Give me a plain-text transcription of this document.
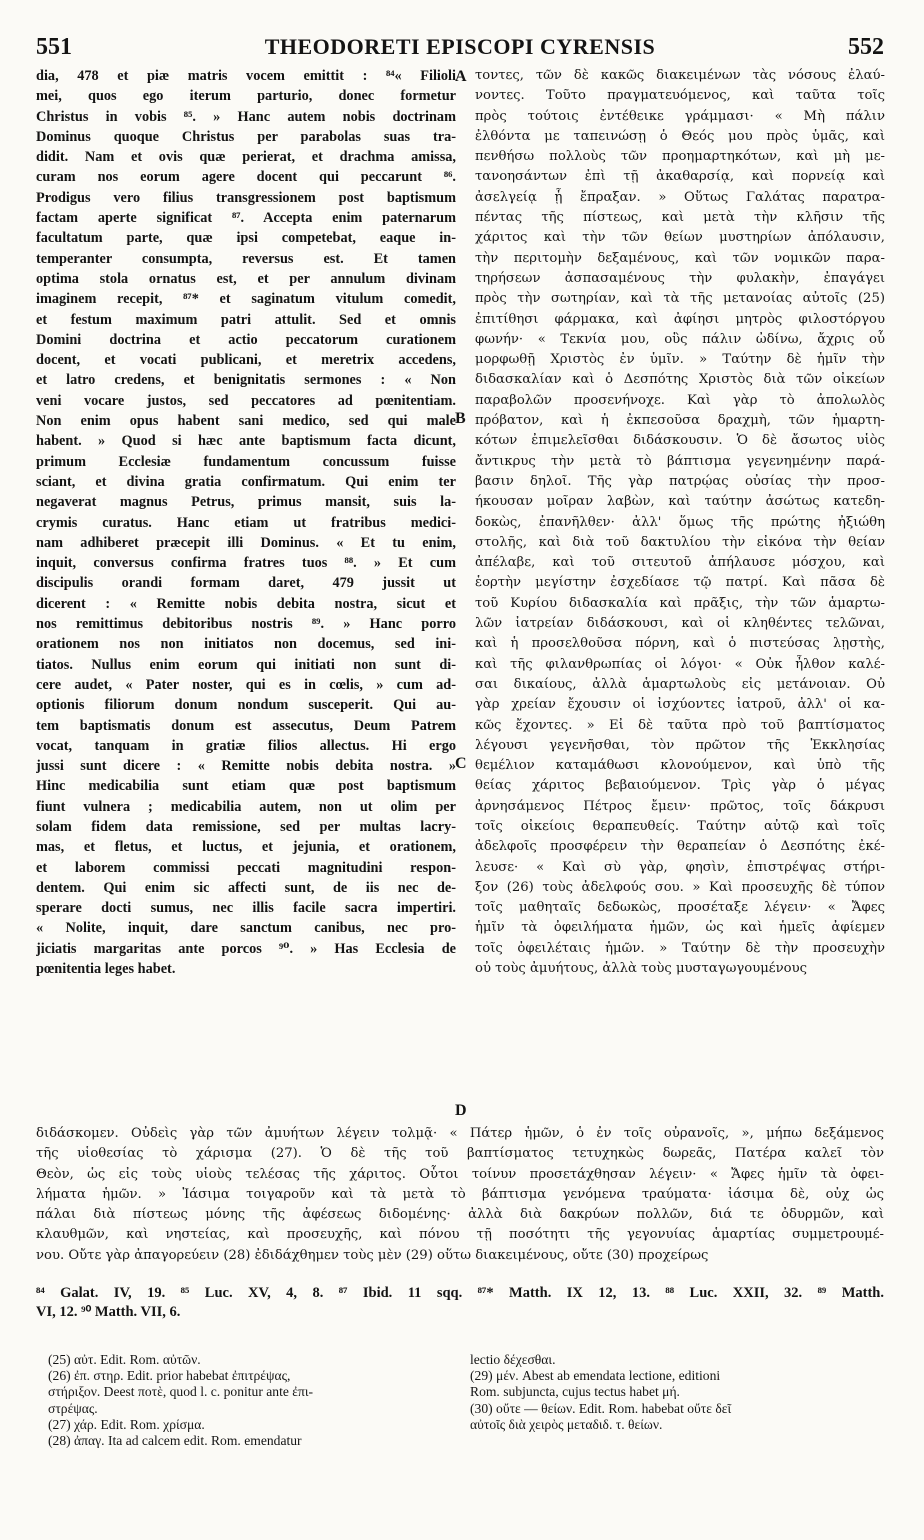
551	THEODORETI EPISCOPI CYRENSIS	552
dia, 478 et piæ matris vocem emittit : ⁸⁴« Filioli
mei, quos ego iterum parturio, donec formetur
Christus in vobis ⁸⁵. » Hanc autem nobis doctrinam
Dominus quoque Christus per parabolas suas tra-
didit. Nam et ovis quæ perierat, et drachma amissa,
curam nos eorum agere docent qui peccarunt ⁸⁶.
Prodigus vero filius transgressionem post baptismum
factam aperte significat ⁸⁷. Accepta enim paternarum
facultatum parte, quæ ipsi competebat, eaque in-
temperanter consumpta, reversus est. Et tamen
optima stola ornatus est, et per annulum divinam
imaginem recepit, ⁸⁷* et saginatum vitulum comedit,
et festum maximum patri attulit. Sed et omnis
Domini doctrina et actio peccatorum curationem
docent, et vocati publicani, et meretrix accedens,
et latro credens, et benignitatis sermones : « Non
veni vocare justos, sed peccatores ad pœnitentiam.
Non enim opus habent sani medico, sed qui male
habent. » Quod si hæc ante baptismum facta dicunt,
primum Ecclesiæ fundamentum concussum fuisse
sciant, et divina gratia confirmatum. Qui enim ter
negaverat magnus Petrus, primus mansit, suis la-
crymis curatus. Hanc etiam ut fratribus medici-
nam adhiberet præcepit illi Dominus. « Et tu enim,
inquit, conversus confirma fratres tuos ⁸⁸. » Et cum
discipulis orandi formam daret, 479 jussit ut
dicerent : « Remitte nobis debita nostra, sicut et
nos remittimus debitoribus nostris ⁸⁹. » Hanc porro
orationem nos non initiatos non docemus, sed ini-
tiatos. Nullus enim eorum qui initiati non sunt di-
cere audet, « Pater noster, qui es in cœlis, » cum ad-
optionis filiorum donum nondum susceperit. Qui au-
tem baptismatis donum est assecutus, Deum Patrem
vocat, tanquam in gratiæ filios allectus. Hi ergo
jussi sunt dicere : « Remitte nobis debita nostra. »
Hinc medicabilia sunt etiam quæ post baptismum
fiunt vulnera ; medicabilia autem, non ut olim per
solam fidem data remissione, sed per multas lacry-
mas, et fletus, et luctus, et jejunia, et orationem,
et laborem commissi peccati magnitudini respon-
dentem. Qui enim sic affecti sunt, de iis nec de-
sperare docti sumus, nec illis facile sacra impertiri.
« Nolite, inquit, dare sanctum canibus, nec pro-
jiciatis margaritas ante porcos ⁹⁰. » Has Ecclesia de
pœnitentia leges habet.
τοντες, τῶν δὲ κακῶς διακειμένων τὰς νόσους ἐλαύ-
νοντες. Τοῦτο πραγματευόμενος, καὶ ταῦτα τοῖς
πρὸς τούτοις ἐντέθεικε γράμμασι· « Μὴ πάλιν
ἐλθόντα με ταπεινώσῃ ὁ Θεός μου πρὸς ὑμᾶς, καὶ
πενθήσω πολλοὺς τῶν προημαρτηκότων, καὶ μὴ με-
τανοησάντων ἐπὶ τῇ ἀκαθαρσίᾳ, καὶ πορνείᾳ καὶ
ἀσελγείᾳ ᾗ ἔπραξαν. » Οὕτως Γαλάτας παρατρα-
πέντας τῆς πίστεως, καὶ μετὰ τὴν κλῆσιν τῆς
χάριτος καὶ τὴν τῶν θείων μυστηρίων ἀπόλαυσιν,
τὴν περιτομὴν δεξαμένους, καὶ τῶν νομικῶν παρα-
τηρήσεων ἀσπασαμένους τὴν φυλακὴν, ἐπαγάγει
πρὸς τὴν σωτηρίαν, καὶ τὰ τῆς μετανοίας αὐτοῖς (25)
ἐπιτίθησι φάρμακα, καὶ ἀφίησι μητρὸς φιλοστόργου
φωνήν· « Τεκνία μου, οὓς πάλιν ὠδίνω, ἄχρις οὗ
μορφωθῇ Χριστὸς ἐν ὑμῖν. » Ταύτην δὲ ἡμῖν τὴν
διδασκαλίαν καὶ ὁ Δεσπότης Χριστὸς διὰ τῶν οἰκείων
παραβολῶν προσενήνοχε. Καὶ γὰρ τὸ ἀπολωλὸς
πρόβατον, καὶ ἡ ἐκπεσοῦσα δραχμὴ, τῶν ἡμαρτη-
κότων ἐπιμελεῖσθαι διδάσκουσιν. Ὁ δὲ ἄσωτος υἱὸς
ἄντικρυς τὴν μετὰ τὸ βάπτισμα γεγενημένην παρά-
βασιν δηλοῖ. Τῆς γὰρ πατρῴας οὐσίας τὴν προσ-
ήκουσαν μοῖραν λαβὼν, καὶ ταύτην ἀσώτως κατεδη-
δοκὼς, ἐπανῆλθεν· ἀλλ' ὅμως τῆς πρώτης ἠξιώθη
στολῆς, καὶ διὰ τοῦ δακτυλίου τὴν εἰκόνα τὴν θείαν
ἀπέλαβε, καὶ τοῦ σιτευτοῦ ἀπήλαυσε μόσχου, καὶ
ἑορτὴν μεγίστην ἐσχεδίασε τῷ πατρί. Καὶ πᾶσα δὲ
τοῦ Κυρίου διδασκαλία καὶ πρᾶξις, τὴν τῶν ἁμαρτω-
λῶν ἰατρείαν διδάσκουσι, καὶ οἱ κληθέντες τελῶναι,
καὶ ἡ προσελθοῦσα πόρνη, καὶ ὁ πιστεύσας λῃστὴς,
καὶ τῆς φιλανθρωπίας οἱ λόγοι· « Οὐκ ἦλθον καλέ-
σαι δικαίους, ἀλλὰ ἁμαρτωλοὺς εἰς μετάνοιαν. Οὐ
γὰρ χρείαν ἔχουσιν οἱ ἰσχύοντες ἰατροῦ, ἀλλ' οἱ κα-
κῶς ἔχοντες. » Εἰ δὲ ταῦτα πρὸ τοῦ βαπτίσματος
λέγουσι γεγενῆσθαι, τὸν πρῶτον τῆς Ἐκκλησίας
θεμέλιον καταμάθωσι κλονούμενον, καὶ ὑπὸ τῆς
θείας χάριτος βεβαιούμενον. Τρὶς γὰρ ὁ μέγας
ἀρνησάμενος Πέτρος ἔμειν· πρῶτος, τοῖς δάκρυσι
τοῖς οἰκείοις θεραπευθείς. Ταύτην αὐτῷ καὶ τοῖς
ἀδελφοῖς προσφέρειν τὴν θεραπείαν ὁ Δεσπότης ἐκέ-
λευσε· « Καὶ σὺ γὰρ, φησὶν, ἐπιστρέψας στήρι-
ξον (26) τοὺς ἀδελφούς σου. » Καὶ προσευχῆς δὲ τύπον
τοῖς μαθηταῖς δεδωκὼς, προσέταξε λέγειν· « Ἄφες
ἡμῖν τὰ ὀφειλήματα ἡμῶν, ὡς καὶ ἡμεῖς ἀφίεμεν
τοῖς ὀφειλέταις ἡμῶν. » Ταύτην δὲ τὴν προσευχὴν
οὐ τοὺς ἀμυήτους, ἀλλὰ τοὺς μυσταγωγουμένους
A
B
C
D
διδάσκομεν. Οὐδεὶς γὰρ τῶν ἀμυήτων λέγειν τολμᾷ· « Πάτερ ἡμῶν, ὁ ἐν τοῖς οὐρανοῖς, », μήπω δεξάμενος
τῆς υἱοθεσίας τὸ χάρισμα (27). Ὁ δὲ τῆς τοῦ βαπτίσματος τετυχηκὼς δωρεᾶς, Πατέρα καλεῖ τὸν
Θεὸν, ὡς εἰς τοὺς υἱοὺς τελέσας τῆς χάριτος. Οὗτοι τοίνυν προσετάχθησαν λέγειν· « Ἄφες ἡμῖν τὰ ὀφει-
λήματα ἡμῶν. » Ἰάσιμα τοιγαροῦν καὶ τὰ μετὰ τὸ βάπτισμα γενόμενα τραύματα· ἰάσιμα δὲ, οὐχ ὡς
πάλαι διὰ πίστεως μόνης τῆς ἀφέσεως διδομένης· ἀλλὰ διὰ δακρύων πολλῶν, διά τε ὀδυρμῶν, καὶ
κλαυθμῶν, καὶ νηστείας, καὶ προσευχῆς, καὶ πόνου τῇ ποσότητι τῆς γεγονυίας ἁμαρτίας συμμετρουμέ-
νου. Οὔτε γὰρ ἀπαγορεύειν (28) ἐδιδάχθημεν τοὺς μὲν (29) οὕτω διακειμένους, οὔτε (30) προχείρως
⁸⁴ Galat. IV, 19. ⁸⁵ Luc. XV, 4, 8. ⁸⁷ Ibid. 11 sqq. ⁸⁷* Matth. IX 12, 13. ⁸⁸ Luc. XXII, 32. ⁸⁹ Matth.
VI, 12. ⁹⁰ Matth. VII, 6.
(25) αὐτ. Edit. Rom. αὐτῶν.
(26) ἐπ. στηρ. Edit. prior habebat ἐπιτρέψας,
στήριξον. Deest ποτὲ, quod l. c. ponitur ante ἐπι-
στρέψας.
(27) χάρ. Edit. Rom. χρίσμα.
(28) ἀπαγ. Ita ad calcem edit. Rom. emendatur
lectio δέχεσθαι.
(29) μέν. Abest ab emendata lectione, editioni
Rom. subjuncta, cujus tectus habet μή.
(30) οὔτε — θείων. Edit. Rom. habebat οὔτε δεῖ
αὐτοῖς διὰ χειρὸς μεταδιδ. τ. θείων.
